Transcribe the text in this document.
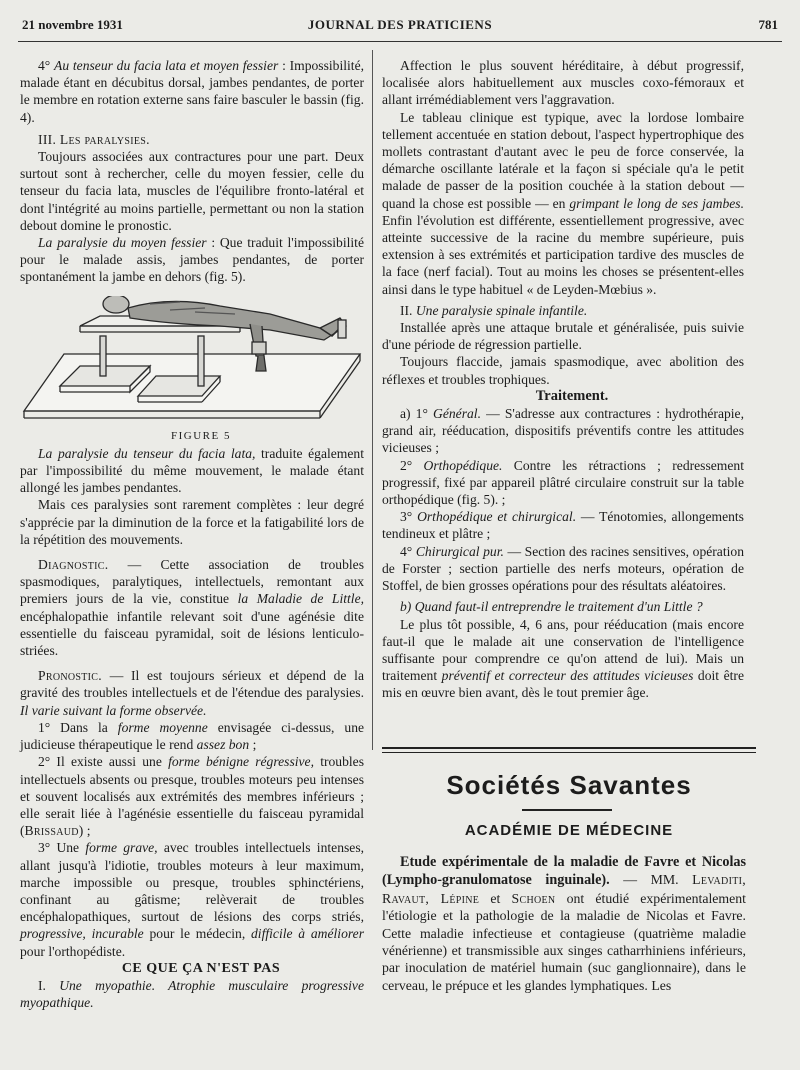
21 novembre 1931	JOURNAL DES PRATICIENS	781

4° Au tenseur du facia lata et moyen fessier : Impossibilité, malade étant en décubitus dorsal, jambes pendantes, de porter le membre en rotation externe sans faire basculer le bassin (fig. 4).

III. Les paralysies.

Toujours associées aux contractures pour une part. Deux surtout sont à rechercher, celle du moyen fessier, celle du tenseur du facia lata, muscles de l'équilibre fronto-latéral et dont l'intégrité au moins partielle, permettant ou non la station debout domine le pronostic.

La paralysie du moyen fessier : Que traduit l'impossibilité pour le malade assis, jambes pendantes, de porter spontanément la jambe en dehors (fig. 5).

FIGURE 5

La paralysie du tenseur du facia lata, traduite également par l'impossibilité du même mouvement, le malade étant allongé les jambes pendantes.

Mais ces paralysies sont rarement complètes : leur degré s'apprécie par la diminution de la force et la fatigabilité lors de la répétition des mouvements.

Diagnostic. — Cette association de troubles spasmodiques, paralytiques, intellectuels, remontant aux premiers jours de la vie, constitue la Maladie de Little, encéphalopathie infantile relevant soit d'une agénésie dite essentielle du faisceau pyramidal, soit de lésions lenticulo-striées.

Pronostic. — Il est toujours sérieux et dépend de la gravité des troubles intellectuels et de l'étendue des paralysies. Il varie suivant la forme observée.

1° Dans la forme moyenne envisagée ci-dessus, une judicieuse thérapeutique le rend assez bon ;

2° Il existe aussi une forme bénigne régressive, troubles intellectuels absents ou presque, troubles moteurs peu intenses et souvent localisés aux extrémités des membres inférieurs ; elle serait liée à l'agénésie essentielle du faisceau pyramidal (Brissaud) ;

3° Une forme grave, avec troubles intellectuels intenses, allant jusqu'à l'idiotie, troubles moteurs à leur maximum, marche impossible ou presque, troubles sphinctériens, confinant au gâtisme; relèverait de troubles encéphalopathiques, surtout de lésions des corps striés, progressive, incurable pour le médecin, difficile à améliorer pour l'orthopédiste.

CE QUE ÇA N'EST PAS

I. Une myopathie. Atrophie musculaire progressive myopathique.

Affection le plus souvent héréditaire, à début progressif, localisée alors habituellement aux muscles coxo-fémoraux et allant irrémédiablement vers l'aggravation.

Le tableau clinique est typique, avec la lordose lombaire tellement accentuée en station debout, l'aspect hypertrophique des mollets contrastant d'autant avec le peu de force conservée, la démarche oscillante latérale et la façon si spéciale qu'a le petit malade de passer de la position couchée à la station debout — quand la chose est possible — en grimpant le long de ses jambes. Enfin l'évolution est différente, essentiellement progressive, avec atteinte successive de la racine du membre supérieure, puis extension à ses extrémités et participation tardive des muscles de la face (nerf facial). Tout au moins les choses se présentent-elles ainsi dans le type habituel « de Leyden-Mœbius ».

II. Une paralysie spinale infantile.

Installée après une attaque brutale et généralisée, puis suivie d'une période de régression partielle.

Toujours flaccide, jamais spasmodique, avec abolition des réflexes et troubles trophiques.

Traitement.

a) 1° Général. — S'adresse aux contractures : hydrothérapie, grand air, rééducation, dispositifs préventifs contre les attitudes vicieuses ;

2° Orthopédique. Contre les rétractions ; redressement progressif, fixé par appareil plâtré circulaire construit sur la table orthopédique (fig. 5). ;

3° Orthopédique et chirurgical. — Ténotomies, allongements tendineux et plâtre ;

4° Chirurgical pur. — Section des racines sensitives, opération de Forster ; section partielle des nerfs moteurs, opération de Stoffel, de bien grosses opérations pour des résultats aléatoires.

b) Quand faut-il entreprendre le traitement d'un Little ?

Le plus tôt possible, 4, 6 ans, pour rééducation (mais encore faut-il que le malade ait une conservation de l'intelligence suffisante pour comprendre ce qu'on attend de lui). Mais un traitement préventif et correcteur des attitudes vicieuses doit être mis en œuvre bien avant, dès le tout premier âge.

Sociétés Savantes
ACADÉMIE DE MÉDECINE

Etude expérimentale de la maladie de Favre et Nicolas (Lympho-granulomatose inguinale). — MM. Levaditi, Ravaut, Lépine et Schoen ont étudié expérimentalement l'étiologie et la pathologie de la maladie de Nicolas et Favre. Cette maladie infectieuse et contagieuse (quatrième maladie vénérienne) et transmissible aux singes catharrhiniens inférieurs, par inoculation de matériel humain (suc ganglionnaire), dans le cerveau, le prépuce et les glandes lymphatiques. Les
